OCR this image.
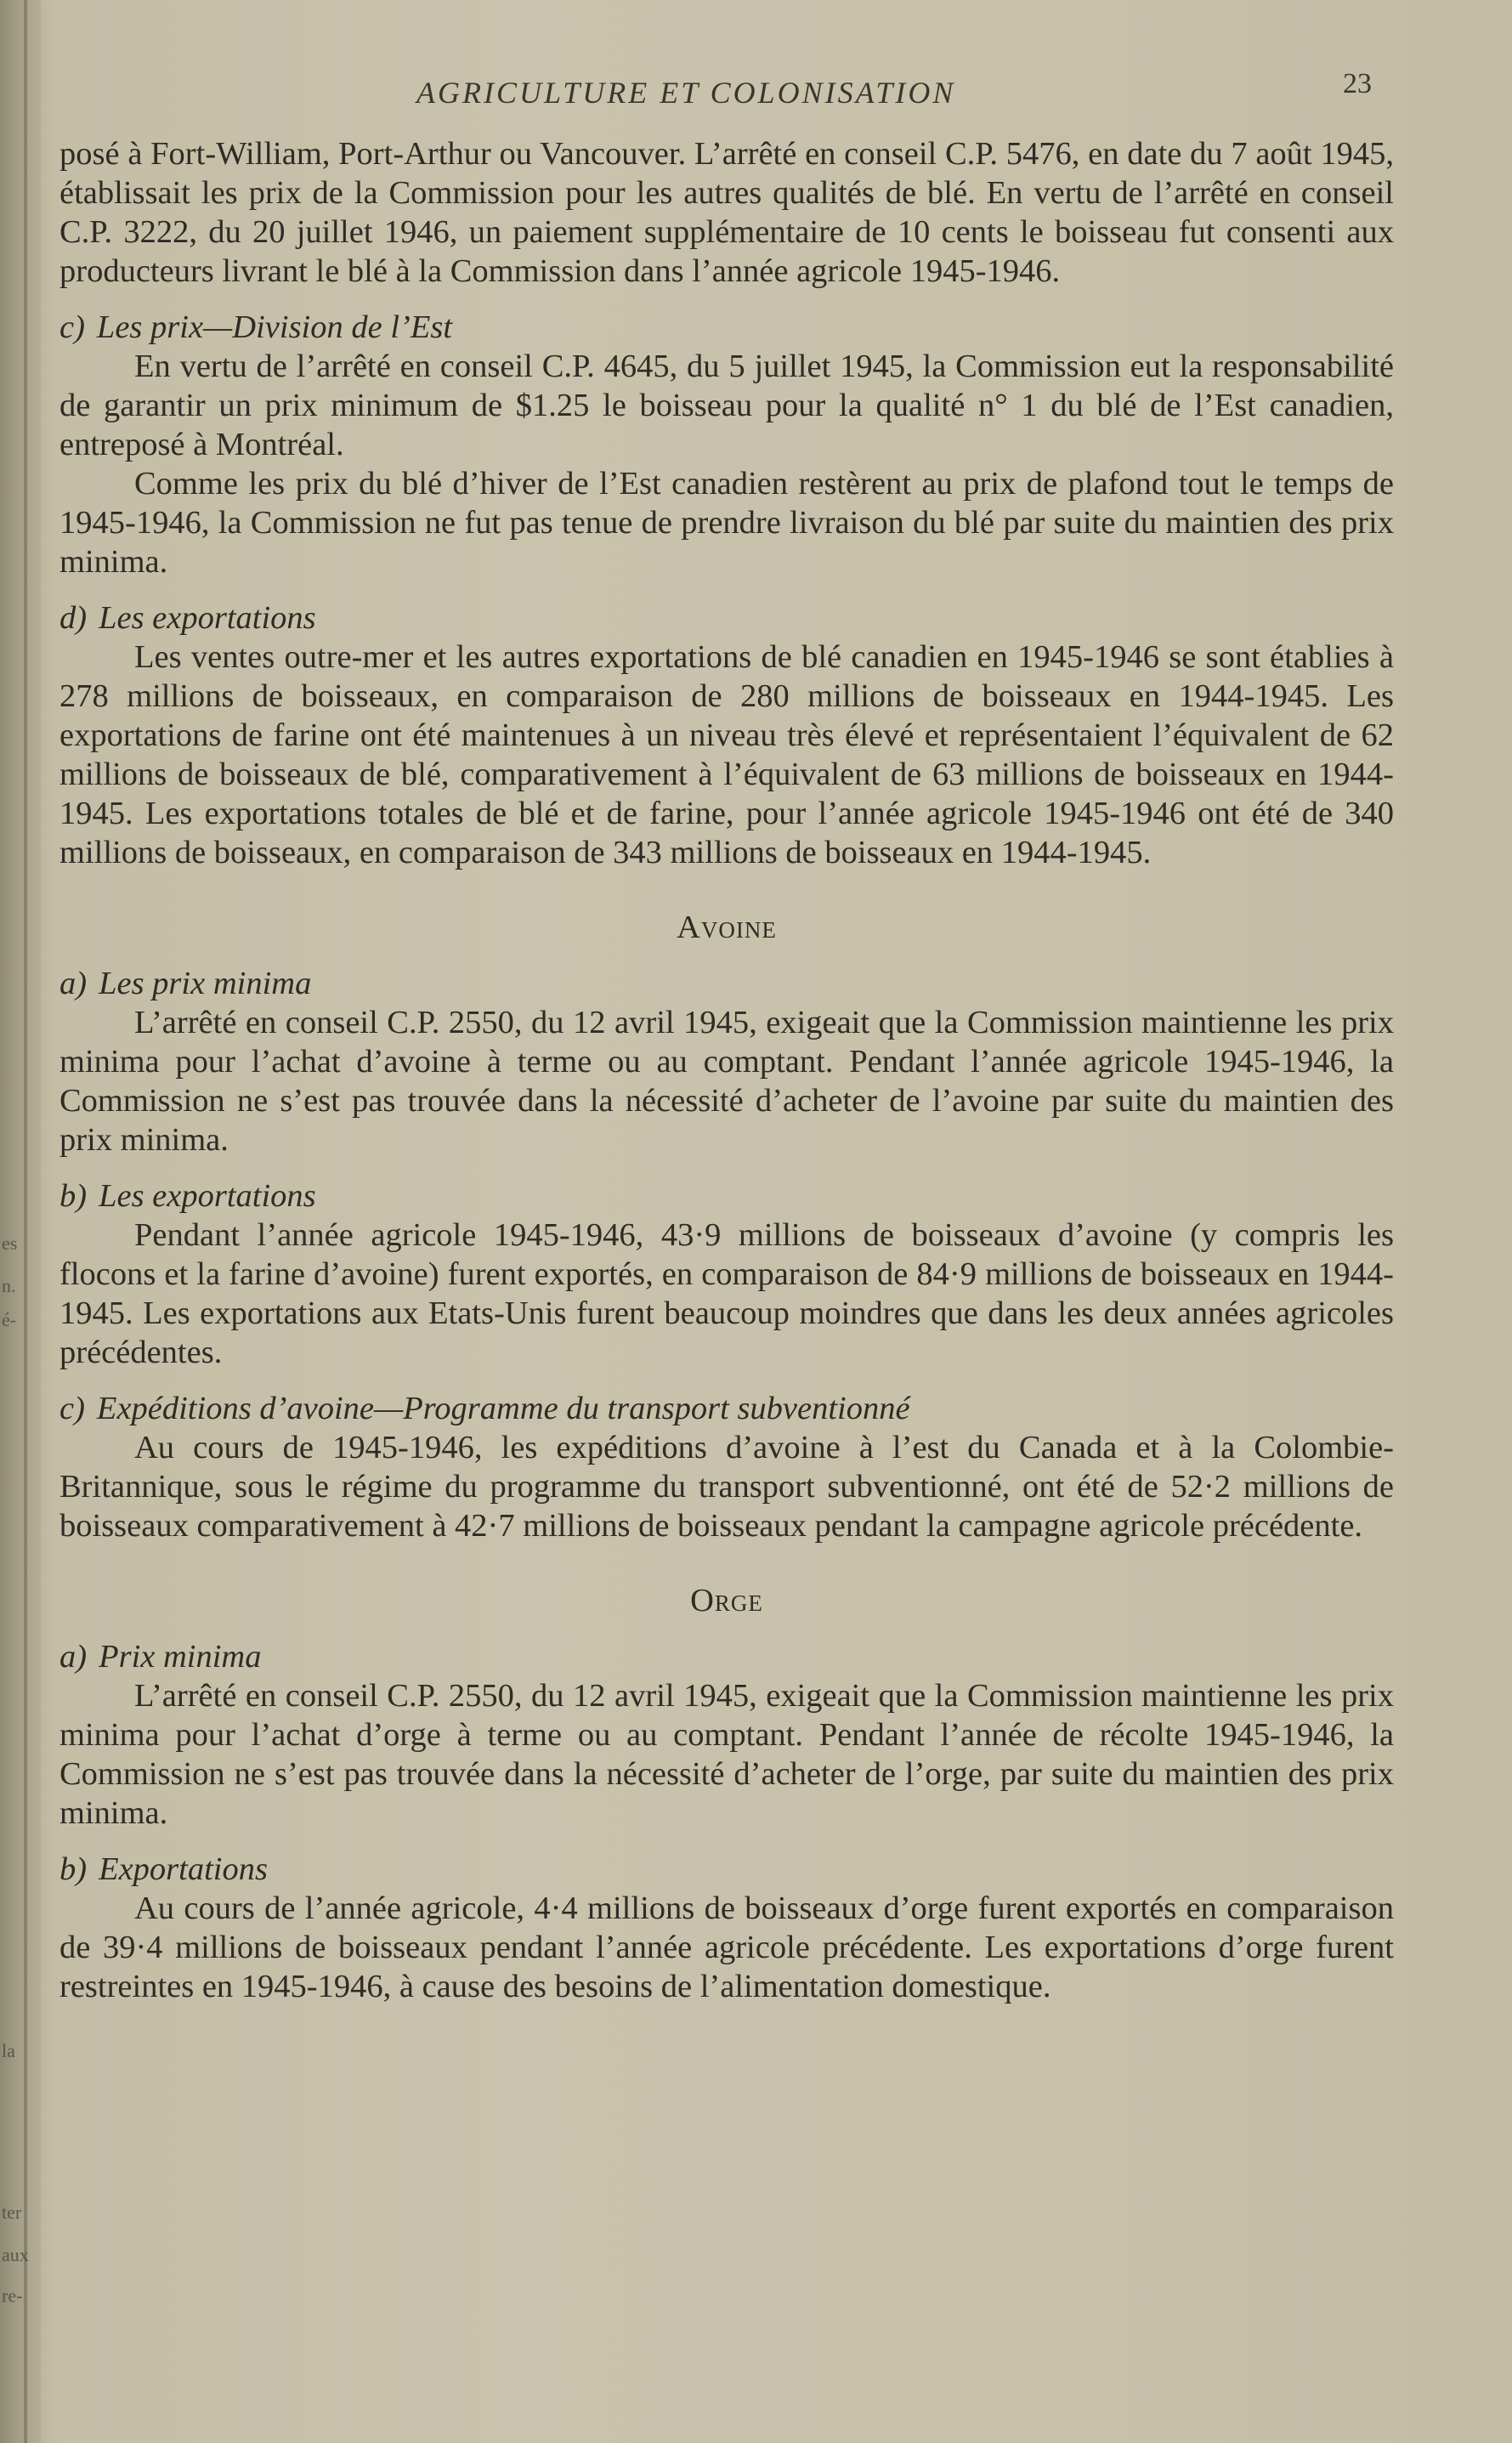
es
n.
é-
la
ter
aux
re-
AGRICULTURE ET COLONISATION	23

posé à Fort-William, Port-Arthur ou Vancouver. L’arrêté en conseil C.P. 5476, en date du 7 août 1945, établissait les prix de la Commission pour les autres qualités de blé. En vertu de l’arrêté en conseil C.P. 3222, du 20 juillet 1946, un paiement supplémentaire de 10 cents le boisseau fut consenti aux producteurs livrant le blé à la Commission dans l’année agricole 1945-1946.

c) Les prix—Division de l’Est

En vertu de l’arrêté en conseil C.P. 4645, du 5 juillet 1945, la Commission eut la responsabilité de garantir un prix minimum de $1.25 le boisseau pour la qualité n° 1 du blé de l’Est canadien, entreposé à Montréal.

Comme les prix du blé d’hiver de l’Est canadien restèrent au prix de plafond tout le temps de 1945-1946, la Commission ne fut pas tenue de prendre livraison du blé par suite du maintien des prix minima.

d) Les exportations

Les ventes outre-mer et les autres exportations de blé canadien en 1945-1946 se sont établies à 278 millions de boisseaux, en comparaison de 280 millions de boisseaux en 1944-1945. Les exportations de farine ont été maintenues à un niveau très élevé et représentaient l’équivalent de 62 millions de boisseaux de blé, comparativement à l’équivalent de 63 millions de boisseaux en 1944-1945. Les exportations totales de blé et de farine, pour l’année agricole 1945-1946 ont été de 340 millions de boisseaux, en comparaison de 343 millions de boisseaux en 1944-1945.

Avoine

a) Les prix minima

L’arrêté en conseil C.P. 2550, du 12 avril 1945, exigeait que la Commission maintienne les prix minima pour l’achat d’avoine à terme ou au comptant. Pendant l’année agricole 1945-1946, la Commission ne s’est pas trouvée dans la nécessité d’acheter de l’avoine par suite du maintien des prix minima.

b) Les exportations

Pendant l’année agricole 1945-1946, 43·9 millions de boisseaux d’avoine (y compris les flocons et la farine d’avoine) furent exportés, en comparaison de 84·9 millions de boisseaux en 1944-1945. Les exportations aux Etats-Unis furent beaucoup moindres que dans les deux années agricoles précédentes.

c) Expéditions d’avoine—Programme du transport subventionné

Au cours de 1945-1946, les expéditions d’avoine à l’est du Canada et à la Colombie-Britannique, sous le régime du programme du transport subventionné, ont été de 52·2 millions de boisseaux comparativement à 42·7 millions de boisseaux pendant la campagne agricole précédente.

Orge

a) Prix minima

L’arrêté en conseil C.P. 2550, du 12 avril 1945, exigeait que la Commission maintienne les prix minima pour l’achat d’orge à terme ou au comptant. Pendant l’année de récolte 1945-1946, la Commission ne s’est pas trouvée dans la nécessité d’acheter de l’orge, par suite du maintien des prix minima.

b) Exportations

Au cours de l’année agricole, 4·4 millions de boisseaux d’orge furent exportés en comparaison de 39·4 millions de boisseaux pendant l’année agricole précédente. Les exportations d’orge furent restreintes en 1945-1946, à cause des besoins de l’alimentation domestique.
